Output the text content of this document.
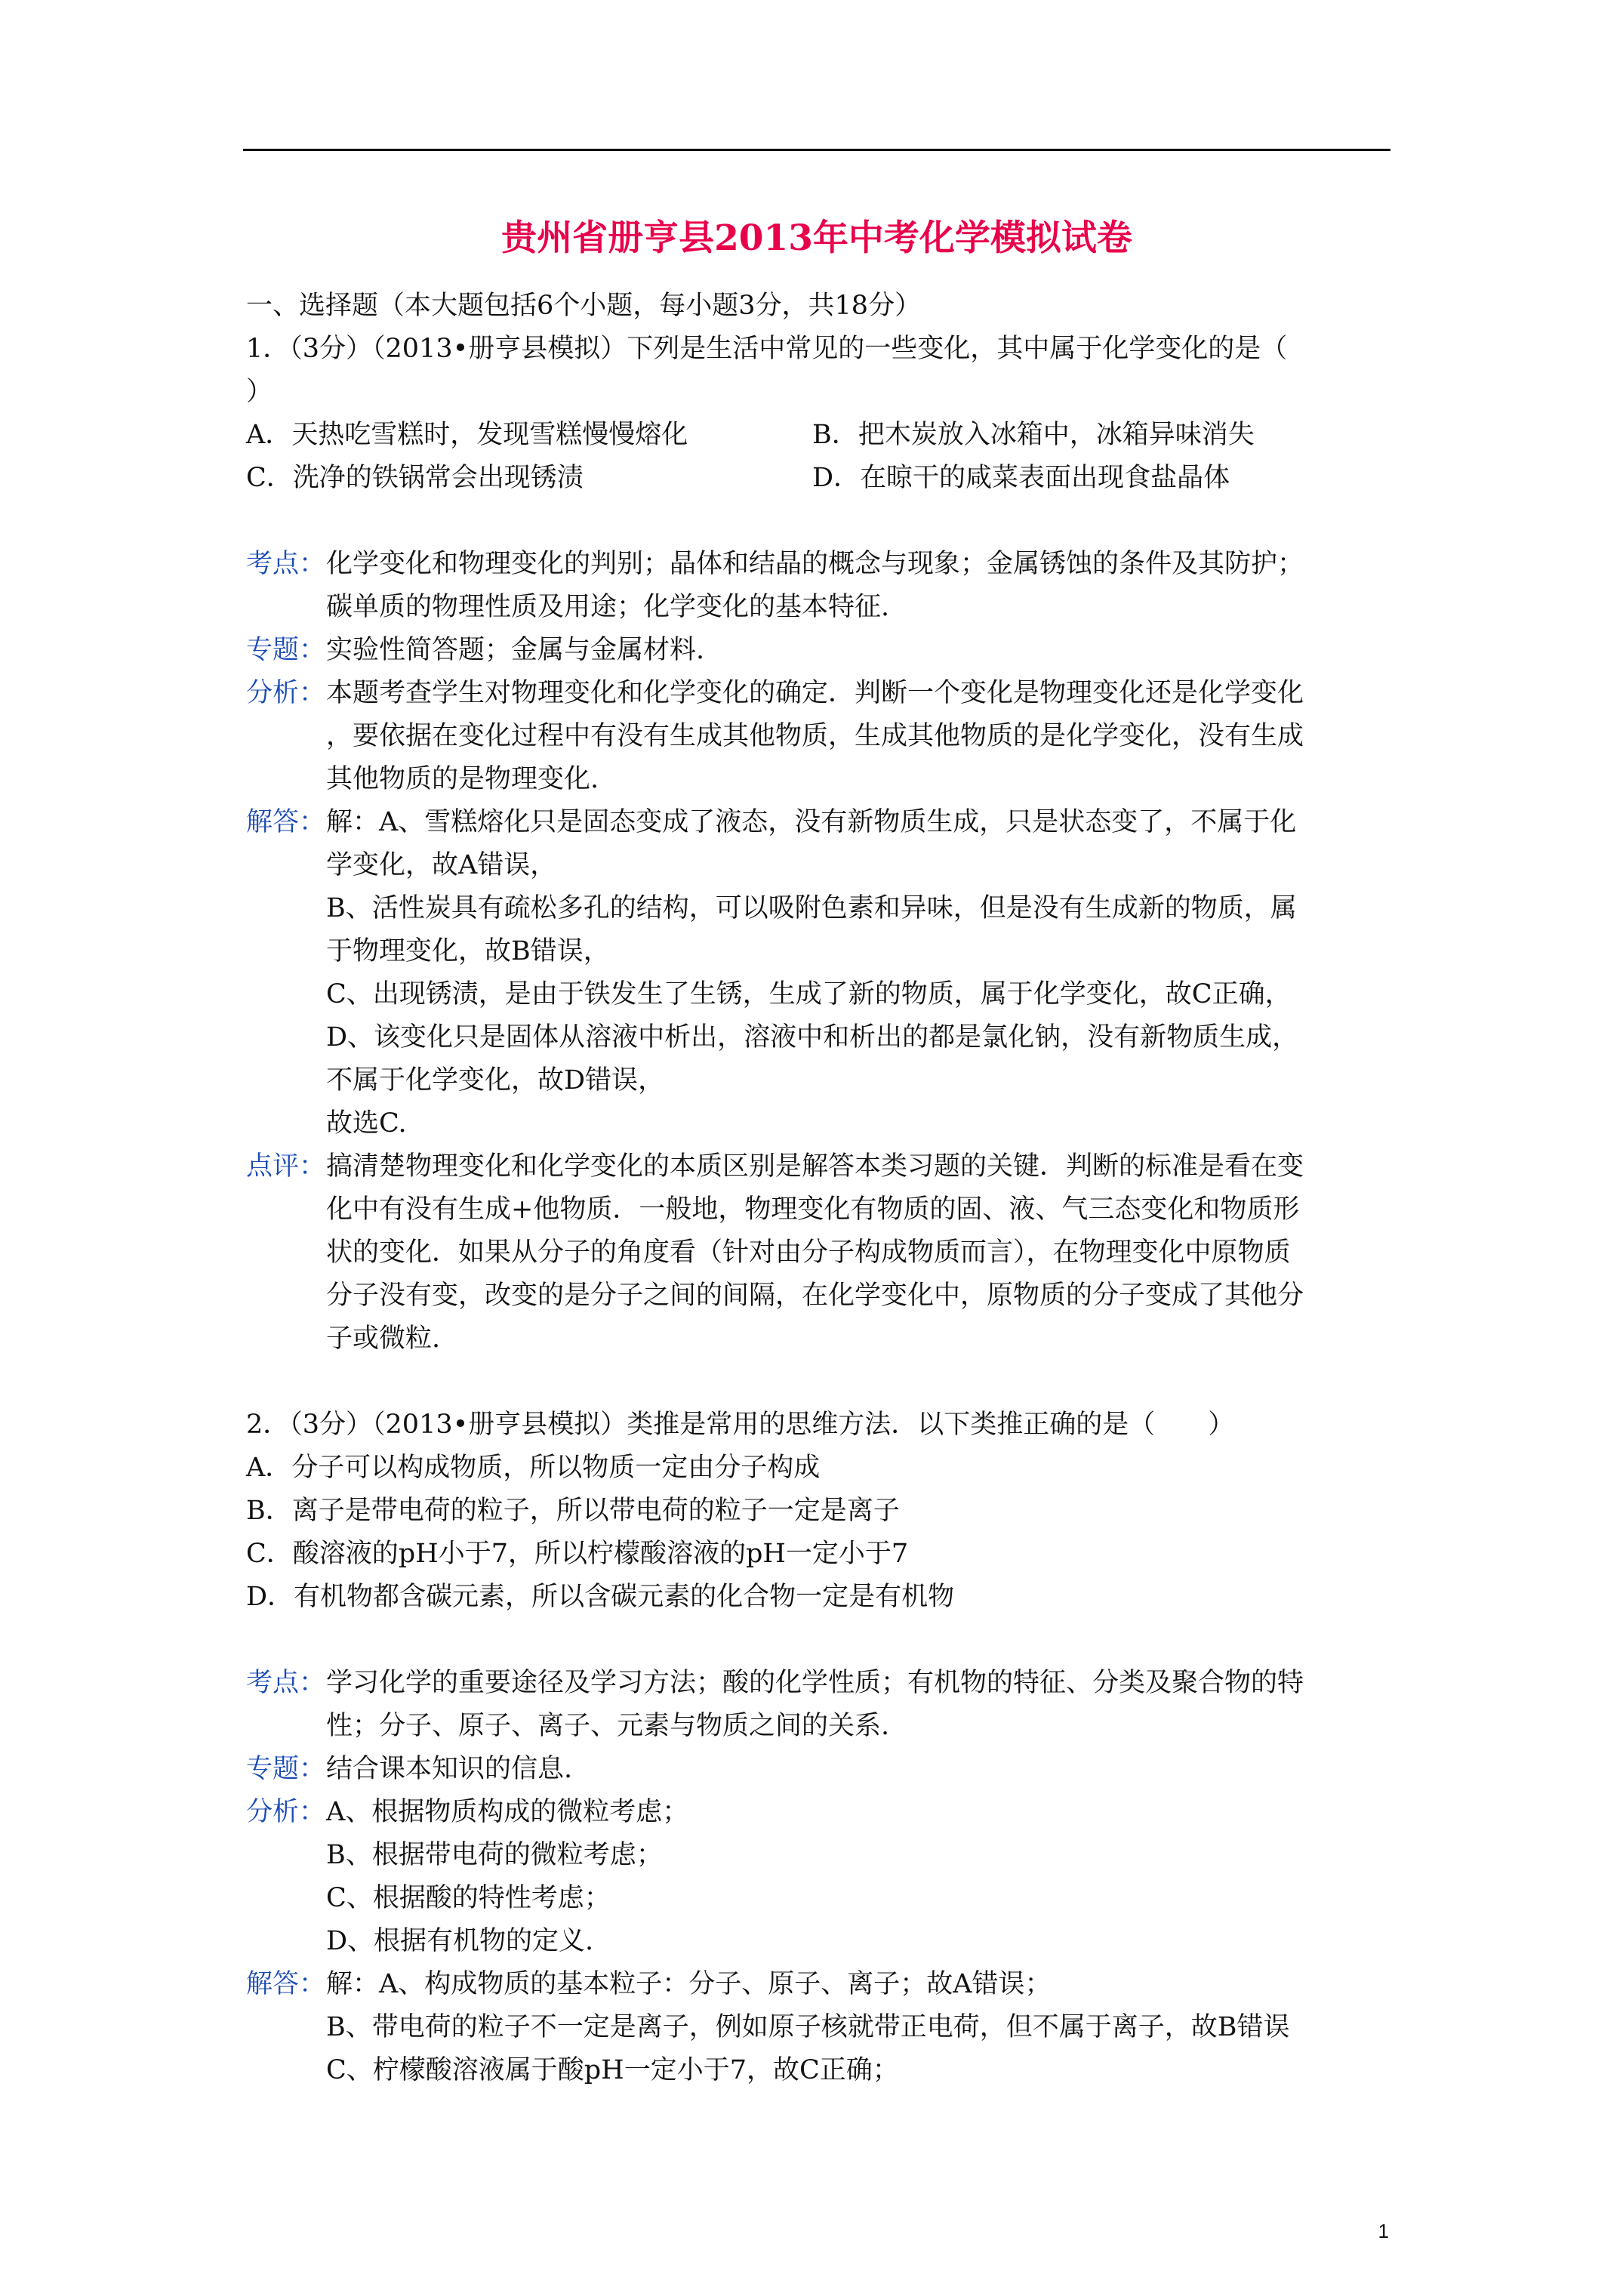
贵州省册亨县2013年中考化学模拟试卷
一、选择题（本大题包括6个小题，每小题3分，共18分）
1．（3分）（2013•册亨县模拟）下列是生活中常见的一些变化，其中属于化学变化的是（
）
A．天热吃雪糕时，发现雪糕慢慢熔化	B．把木炭放入冰箱中，冰箱异味消失
C．洗净的铁锅常会出现锈渍	D．在晾干的咸菜表面出现食盐晶体
考点：化学变化和物理变化的判别；晶体和结晶的概念与现象；金属锈蚀的条件及其防护；
碳单质的物理性质及用途；化学变化的基本特征.
专题：实验性简答题；金属与金属材料.
分析：本题考查学生对物理变化和化学变化的确定．判断一个变化是物理变化还是化学变化
，要依据在变化过程中有没有生成其他物质，生成其他物质的是化学变化，没有生成
其他物质的是物理变化.
解答：解：A、雪糕熔化只是固态变成了液态，没有新物质生成，只是状态变了，不属于化
学变化，故A错误，
B、活性炭具有疏松多孔的结构，可以吸附色素和异味，但是没有生成新的物质，属
于物理变化，故B错误，
C、出现锈渍，是由于铁发生了生锈，生成了新的物质，属于化学变化，故C正确，
D、该变化只是固体从溶液中析出，溶液中和析出的都是氯化钠，没有新物质生成，
不属于化学变化，故D错误，
故选C.
点评：搞清楚物理变化和化学变化的本质区别是解答本类习题的关键．判断的标准是看在变
化中有没有生成+他物质．一般地，物理变化有物质的固、液、气三态变化和物质形
状的变化．如果从分子的角度看（针对由分子构成物质而言），在物理变化中原物质
分子没有变，改变的是分子之间的间隔，在化学变化中，原物质的分子变成了其他分
子或微粒.
2．（3分）（2013•册亨县模拟）类推是常用的思维方法．以下类推正确的是（　　）
A．分子可以构成物质，所以物质一定由分子构成
B．离子是带电荷的粒子，所以带电荷的粒子一定是离子
C．酸溶液的pH小于7，所以柠檬酸溶液的pH一定小于7
D．有机物都含碳元素，所以含碳元素的化合物一定是有机物
考点：学习化学的重要途径及学习方法；酸的化学性质；有机物的特征、分类及聚合物的特
性；分子、原子、离子、元素与物质之间的关系.
专题：结合课本知识的信息.
分析：A、根据物质构成的微粒考虑；
B、根据带电荷的微粒考虑；
C、根据酸的特性考虑；
D、根据有机物的定义.
解答：解：A、构成物质的基本粒子：分子、原子、离子；故A错误；
B、带电荷的粒子不一定是离子，例如原子核就带正电荷，但不属于离子，故B错误
C、柠檬酸溶液属于酸pH一定小于7，故C正确；
1
